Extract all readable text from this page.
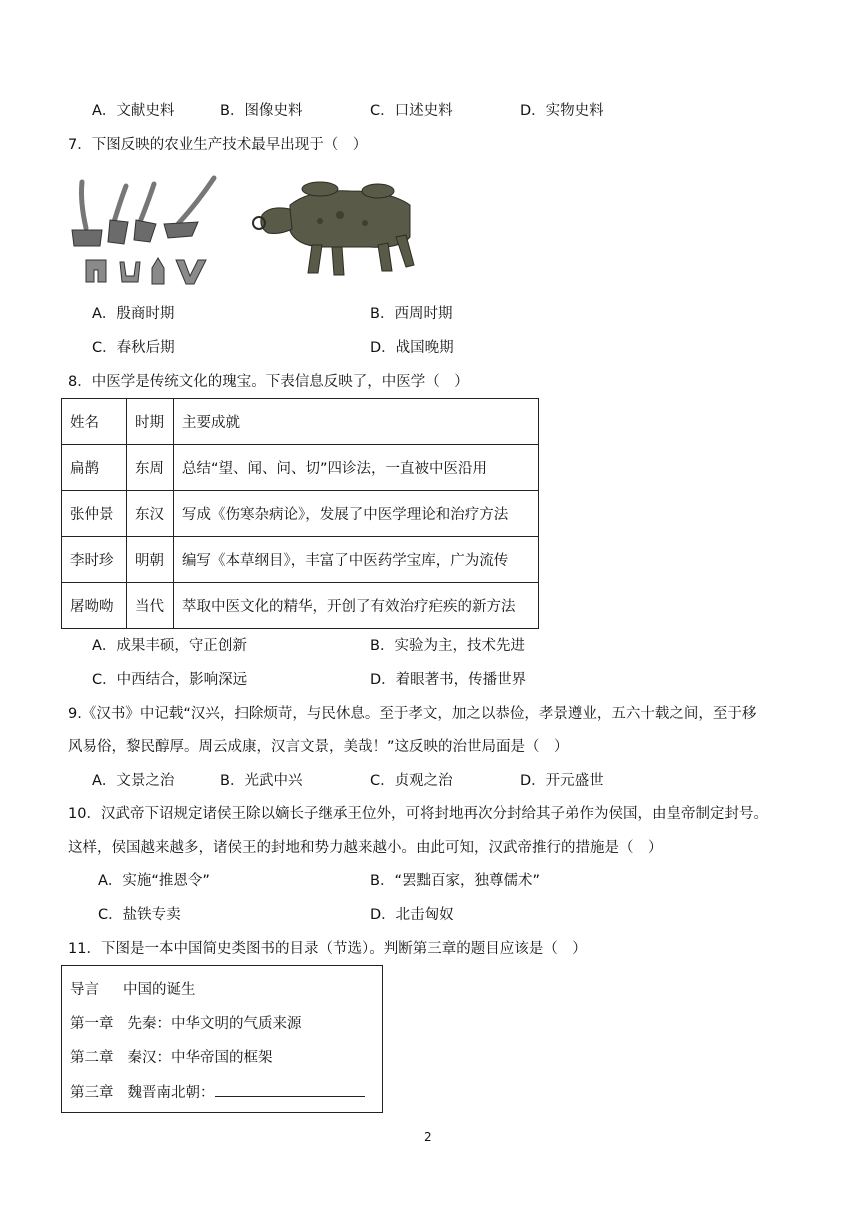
A．文献史料	B．图像史料	C．口述史料	D．实物史料
7．下图反映的农业生产技术最早出现于（　）
A．殷商时期	B．西周时期
C．春秋后期	D．战国晚期
8．中医学是传统文化的瑰宝。下表信息反映了，中医学（　）
姓名	时期	主要成就
扁鹊	东周	总结“望、闻、问、切”四诊法，一直被中医沿用
张仲景	东汉	写成《伤寒杂病论》，发展了中医学理论和治疗方法
李时珍	明朝	编写《本草纲目》，丰富了中医药学宝库，广为流传
屠呦呦	当代	萃取中医文化的精华，开创了有效治疗疟疾的新方法
A．成果丰硕，守正创新	B．实验为主，技术先进
C．中西结合，影响深远	D．着眼著书，传播世界
9.《汉书》中记载“汉兴，扫除烦苛，与民休息。至于孝文，加之以恭俭，孝景遵业，五六十载之间，至于移
风易俗，黎民醇厚。周云成康，汉言文景，美哉！”这反映的治世局面是（　）
A．文景之治	B．光武中兴	C．贞观之治	D．开元盛世
10．汉武帝下诏规定诸侯王除以嫡长子继承王位外，可将封地再次分封给其子弟作为侯国，由皇帝制定封号。
这样，侯国越来越多，诸侯王的封地和势力越来越小。由此可知，汉武帝推行的措施是（　）
A．实施“推恩令”	B．“罢黜百家，独尊儒术”
C．盐铁专卖	D．北击匈奴
11．下图是一本中国简史类图书的目录（节选）。判断第三章的题目应该是（　）
导言 中国的诞生
第一章 先秦：中华文明的气质来源
第二章 秦汉：中华帝国的框架
第三章 魏晋南北朝：
2
